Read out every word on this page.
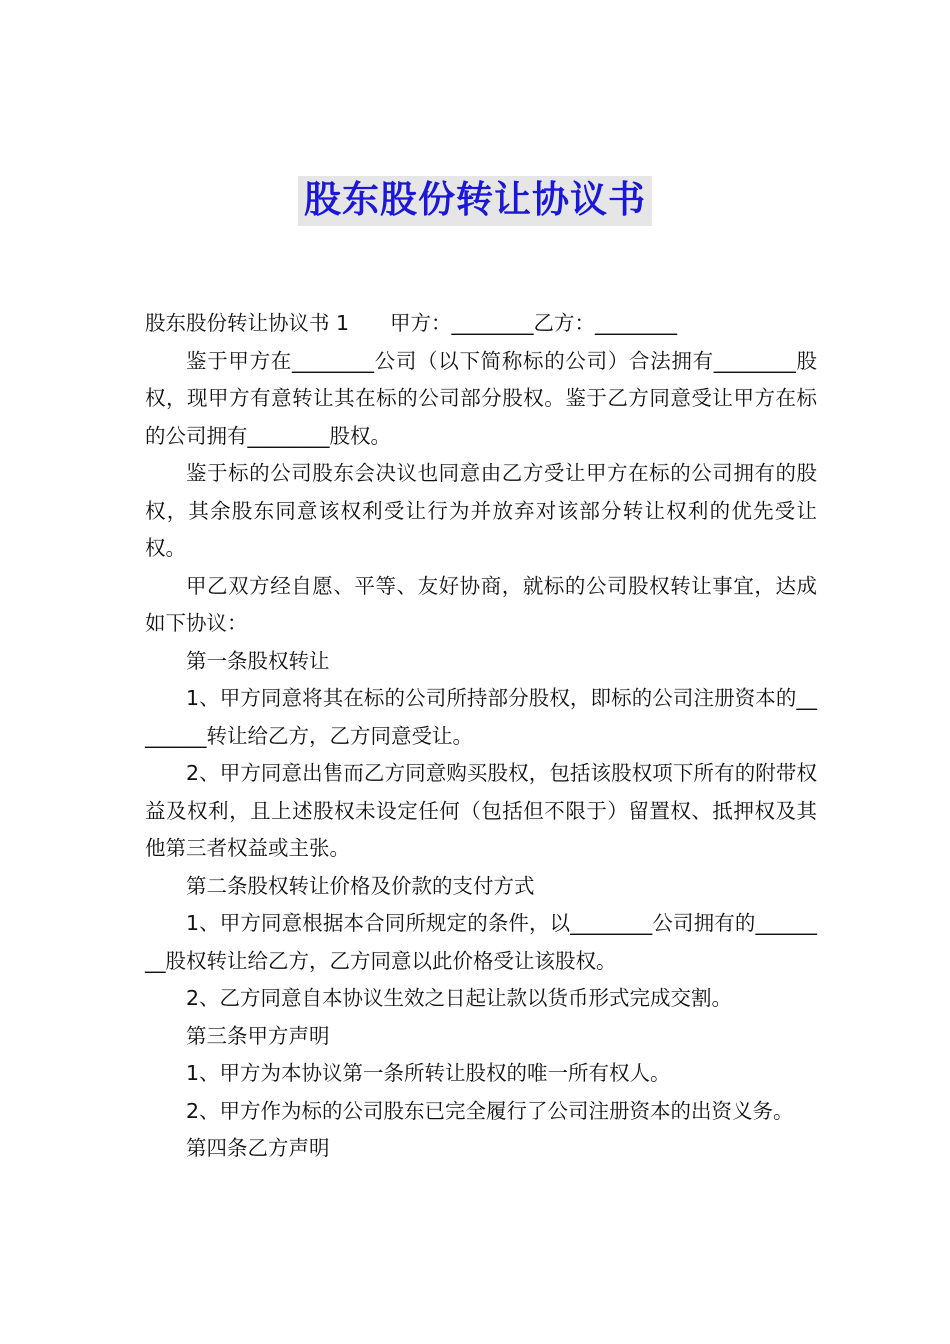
股东股份转让协议书

股东股份转让协议书 1　　甲方：________乙方：________

鉴于甲方在________公司（以下简称标的公司）合法拥有________股权，现甲方有意转让其在标的公司部分股权。鉴于乙方同意受让甲方在标的公司拥有________股权。

鉴于标的公司股东会决议也同意由乙方受让甲方在标的公司拥有的股权，其余股东同意该权利受让行为并放弃对该部分转让权利的优先受让权。

甲乙双方经自愿、平等、友好协商，就标的公司股权转让事宜，达成如下协议：

第一条股权转让

1、甲方同意将其在标的公司所持部分股权，即标的公司注册资本的________转让给乙方，乙方同意受让。

2、甲方同意出售而乙方同意购买股权，包括该股权项下所有的附带权益及权利，且上述股权未设定任何（包括但不限于）留置权、抵押权及其他第三者权益或主张。

第二条股权转让价格及价款的支付方式

1、甲方同意根据本合同所规定的条件，以________公司拥有的________股权转让给乙方，乙方同意以此价格受让该股权。

2、乙方同意自本协议生效之日起让款以货币形式完成交割。

第三条甲方声明

1、甲方为本协议第一条所转让股权的唯一所有权人。

2、甲方作为标的公司股东已完全履行了公司注册资本的出资义务。

第四条乙方声明
